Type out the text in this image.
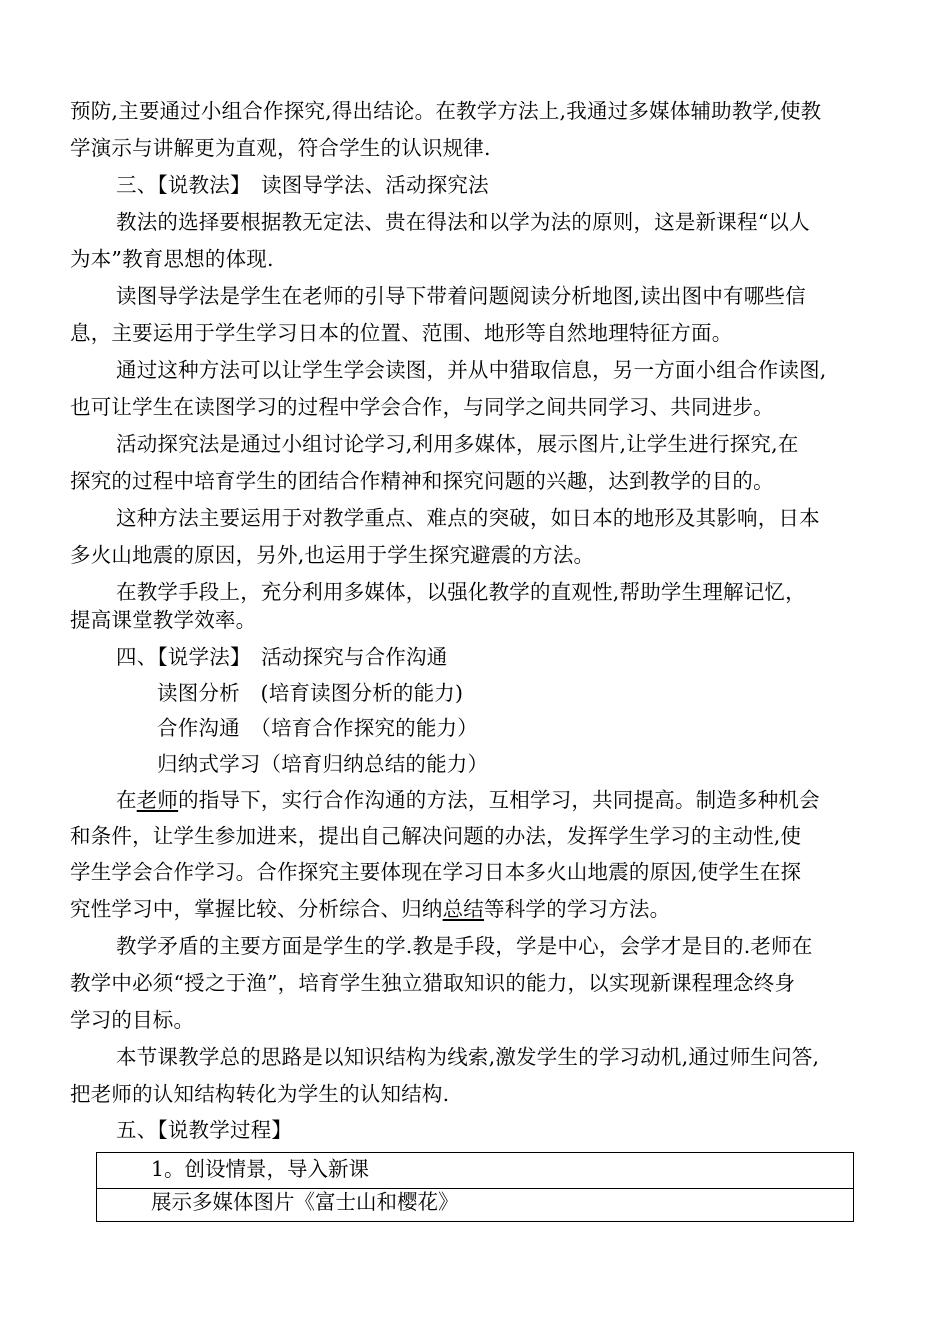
预防,主要通过小组合作探究,得出结论。在教学方法上,我通过多媒体辅助教学,使教
学演示与讲解更为直观，符合学生的认识规律.
三、【说教法】　读图导学法、活动探究法
教法的选择要根据教无定法、贵在得法和以学为法的原则，这是新课程“以人
为本”教育思想的体现.
读图导学法是学生在老师的引导下带着问题阅读分析地图,读出图中有哪些信
息，主要运用于学生学习日本的位置、范围、地形等自然地理特征方面。
通过这种方法可以让学生学会读图，并从中猎取信息，另一方面小组合作读图,
也可让学生在读图学习的过程中学会合作，与同学之间共同学习、共同进步。
活动探究法是通过小组讨论学习,利用多媒体，展示图片,让学生进行探究,在
探究的过程中培育学生的团结合作精神和探究问题的兴趣，达到教学的目的。
这种方法主要运用于对教学重点、难点的突破，如日本的地形及其影响，日本
多火山地震的原因，另外,也运用于学生探究避震的方法。
在教学手段上，充分利用多媒体，以强化教学的直观性,帮助学生理解记忆，
提高课堂教学效率。
四、【说学法】　活动探究与合作沟通
读图分析　(培育读图分析的能力)
合作沟通　（培育合作探究的能力）
归纳式学习（培育归纳总结的能力）
在老师的指导下，实行合作沟通的方法，互相学习，共同提高。制造多种机会
和条件，让学生参加进来，提出自己解决问题的办法，发挥学生学习的主动性,使
学生学会合作学习。合作探究主要体现在学习日本多火山地震的原因,使学生在探
究性学习中，掌握比较、分析综合、归纳总结等科学的学习方法。
教学矛盾的主要方面是学生的学.教是手段，学是中心，会学才是目的.老师在
教学中必须“授之于渔”，培育学生独立猎取知识的能力，以实现新课程理念终身
学习的目标。
本节课教学总的思路是以知识结构为线索,激发学生的学习动机,通过师生问答,
把老师的认知结构转化为学生的认知结构.
五、【说教学过程】
1。创设情景，导入新课
展示多媒体图片《富士山和樱花》
